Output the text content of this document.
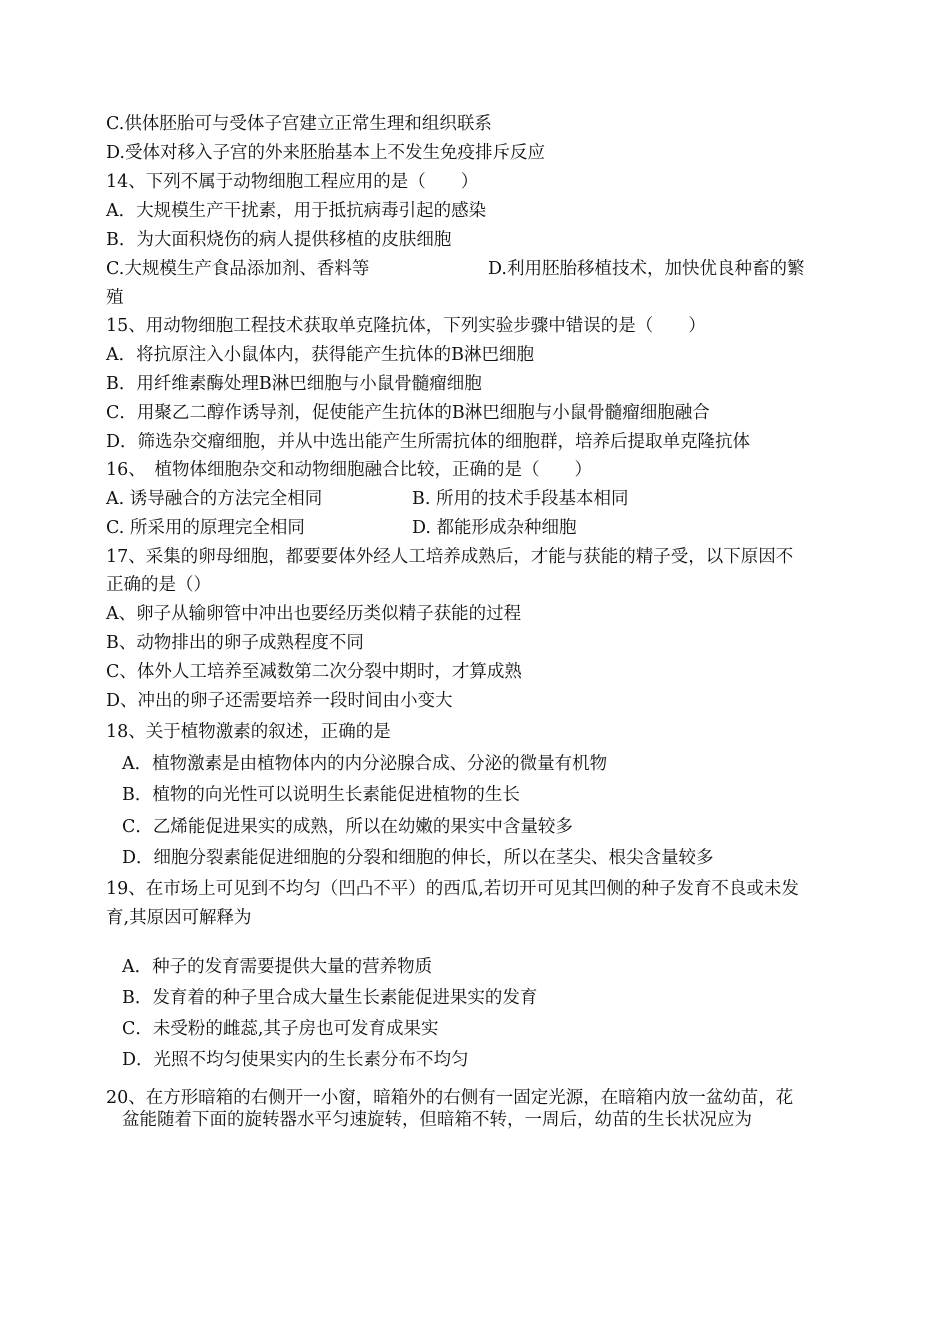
C.供体胚胎可与受体子宫建立正常生理和组织联系
D.受体对移入子宫的外来胚胎基本上不发生免疫排斥反应
14、下列不属于动物细胞工程应用的是（　　）
A．大规模生产干扰素，用于抵抗病毒引起的感染
B．为大面积烧伤的病人提供移植的皮肤细胞
C.大规模生产食品添加剂、香料等	D.利用胚胎移植技术，加快优良种畜的繁
殖
15、用动物细胞工程技术获取单克隆抗体，下列实验步骤中错误的是（　　）
A．将抗原注入小鼠体内，获得能产生抗体的B淋巴细胞
B．用纤维素酶处理B淋巴细胞与小鼠骨髓瘤细胞
C．用聚乙二醇作诱导剂，促使能产生抗体的B淋巴细胞与小鼠骨髓瘤细胞融合
D．筛选杂交瘤细胞，并从中选出能产生所需抗体的细胞群，培养后提取单克隆抗体
16、　植物体细胞杂交和动物细胞融合比较，正确的是（　　）
A. 诱导融合的方法完全相同	B. 所用的技术手段基本相同
C. 所采用的原理完全相同	D. 都能形成杂种细胞
17、采集的卵母细胞，都要要体外经人工培养成熟后，才能与获能的精子受，以下原因不
正确的是（）
A、卵子从输卵管中冲出也要经历类似精子获能的过程
B、动物排出的卵子成熟程度不同
C、体外人工培养至减数第二次分裂中期时，才算成熟
D、冲出的卵子还需要培养一段时间由小变大
18、关于植物激素的叙述，正确的是
A．植物激素是由植物体内的内分泌腺合成、分泌的微量有机物
B．植物的向光性可以说明生长素能促进植物的生长
C．乙烯能促进果实的成熟，所以在幼嫩的果实中含量较多
D．细胞分裂素能促进细胞的分裂和细胞的伸长，所以在茎尖、根尖含量较多
19、在市场上可见到不均匀（凹凸不平）的西瓜,若切开可见其凹侧的种子发育不良或未发
育,其原因可解释为
A．种子的发育需要提供大量的营养物质
B．发育着的种子里合成大量生长素能促进果实的发育
C．未受粉的雌蕊,其子房也可发育成果实
D．光照不均匀使果实内的生长素分布不均匀
20、在方形暗箱的右侧开一小窗，暗箱外的右侧有一固定光源，在暗箱内放一盆幼苗，花
盆能随着下面的旋转器水平匀速旋转，但暗箱不转，一周后，幼苗的生长状况应为
